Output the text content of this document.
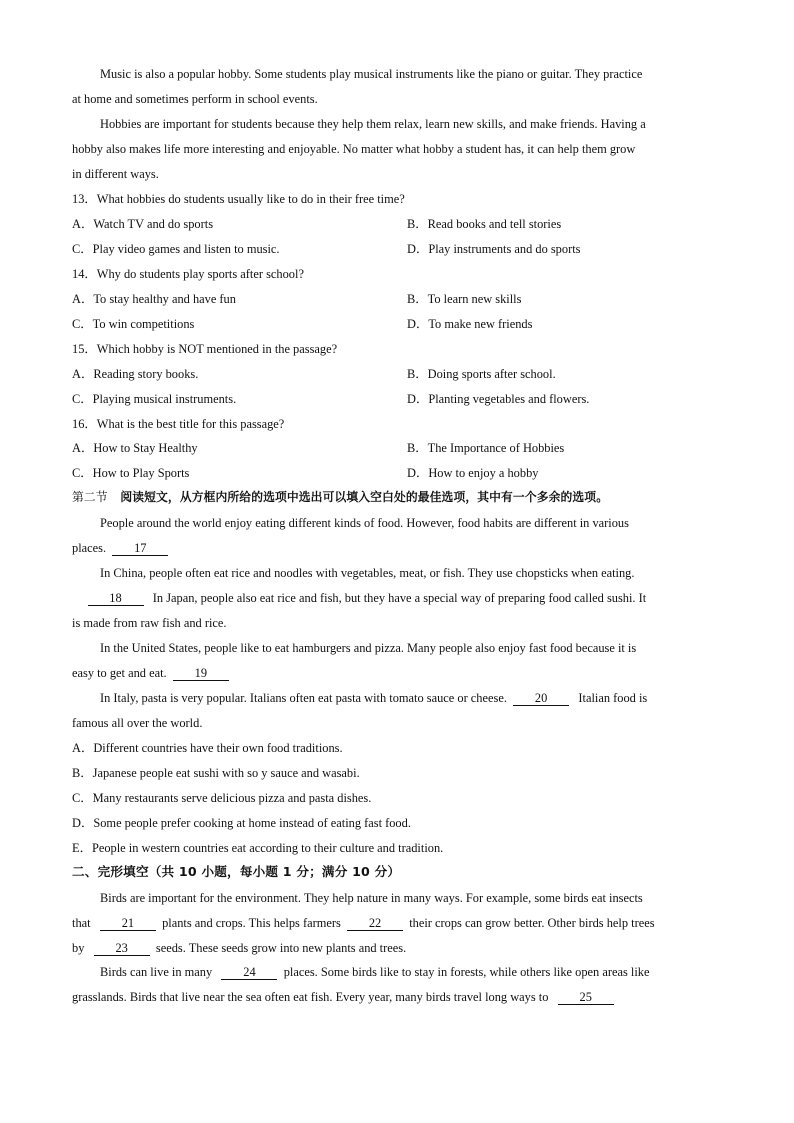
Music is also a popular hobby. Some students play musical instruments like the piano or guitar. They practice
at home and sometimes perform in school events.
Hobbies are important for students because they help them relax, learn new skills, and make friends. Having a
hobby also makes life more interesting and enjoyable. No matter what hobby a student has, it can help them grow
in different ways.
13．What hobbies do students usually like to do in their free time?
A．Watch TV and do sports	B．Read books and tell stories
C．Play video games and listen to music.	D．Play instruments and do sports
14．Why do students play sports after school?
A．To stay healthy and have fun	B．To learn new skills
C．To win competitions	D．To make new friends
15．Which hobby is NOT mentioned in the passage?
A．Reading story books.	B．Doing sports after school.
C．Playing musical instruments.	D．Planting vegetables and flowers.
16．What is the best title for this passage?
A．How to Stay Healthy	B．The Importance of Hobbies
C．How to Play Sports	D．How to enjoy a hobby
第二节 阅读短文，从方框内所给的选项中选出可以填入空白处的最佳选项，其中有一个多余的选项。
People around the world enjoy eating different kinds of food. However, food habits are different in various
places. 17
In China, people often eat rice and noodles with vegetables, meat, or fish. They use chopsticks when eating.
18	In Japan, people also eat rice and fish, but they have a special way of preparing food called sushi. It
is made from raw fish and rice.
In the United States, people like to eat hamburgers and pizza. Many people also enjoy fast food because it is
easy to get and eat. 19
In Italy, pasta is very popular. Italians often eat pasta with tomato sauce or cheese. 20	Italian food is
famous all over the world.
A．Different countries have their own food traditions.
B．Japanese people eat sushi with so y sauce and wasabi.
C．Many restaurants serve delicious pizza and pasta dishes.
D．Some people prefer cooking at home instead of eating fast food.
E．People in western countries eat according to their culture and tradition.
二、完形填空（共 10 小题，每小题 1 分；满分 10 分）
Birds are important for the environment. They help nature in many ways. For example, some birds eat insects
that	21 plants and crops. This helps farmers 22 their crops can grow better. Other birds help trees
by	23 seeds. These seeds grow into new plants and trees.
Birds can live in many	24 places. Some birds like to stay in forests, while others like open areas like
grasslands. Birds that live near the sea often eat fish. Every year, many birds travel long ways to	25
